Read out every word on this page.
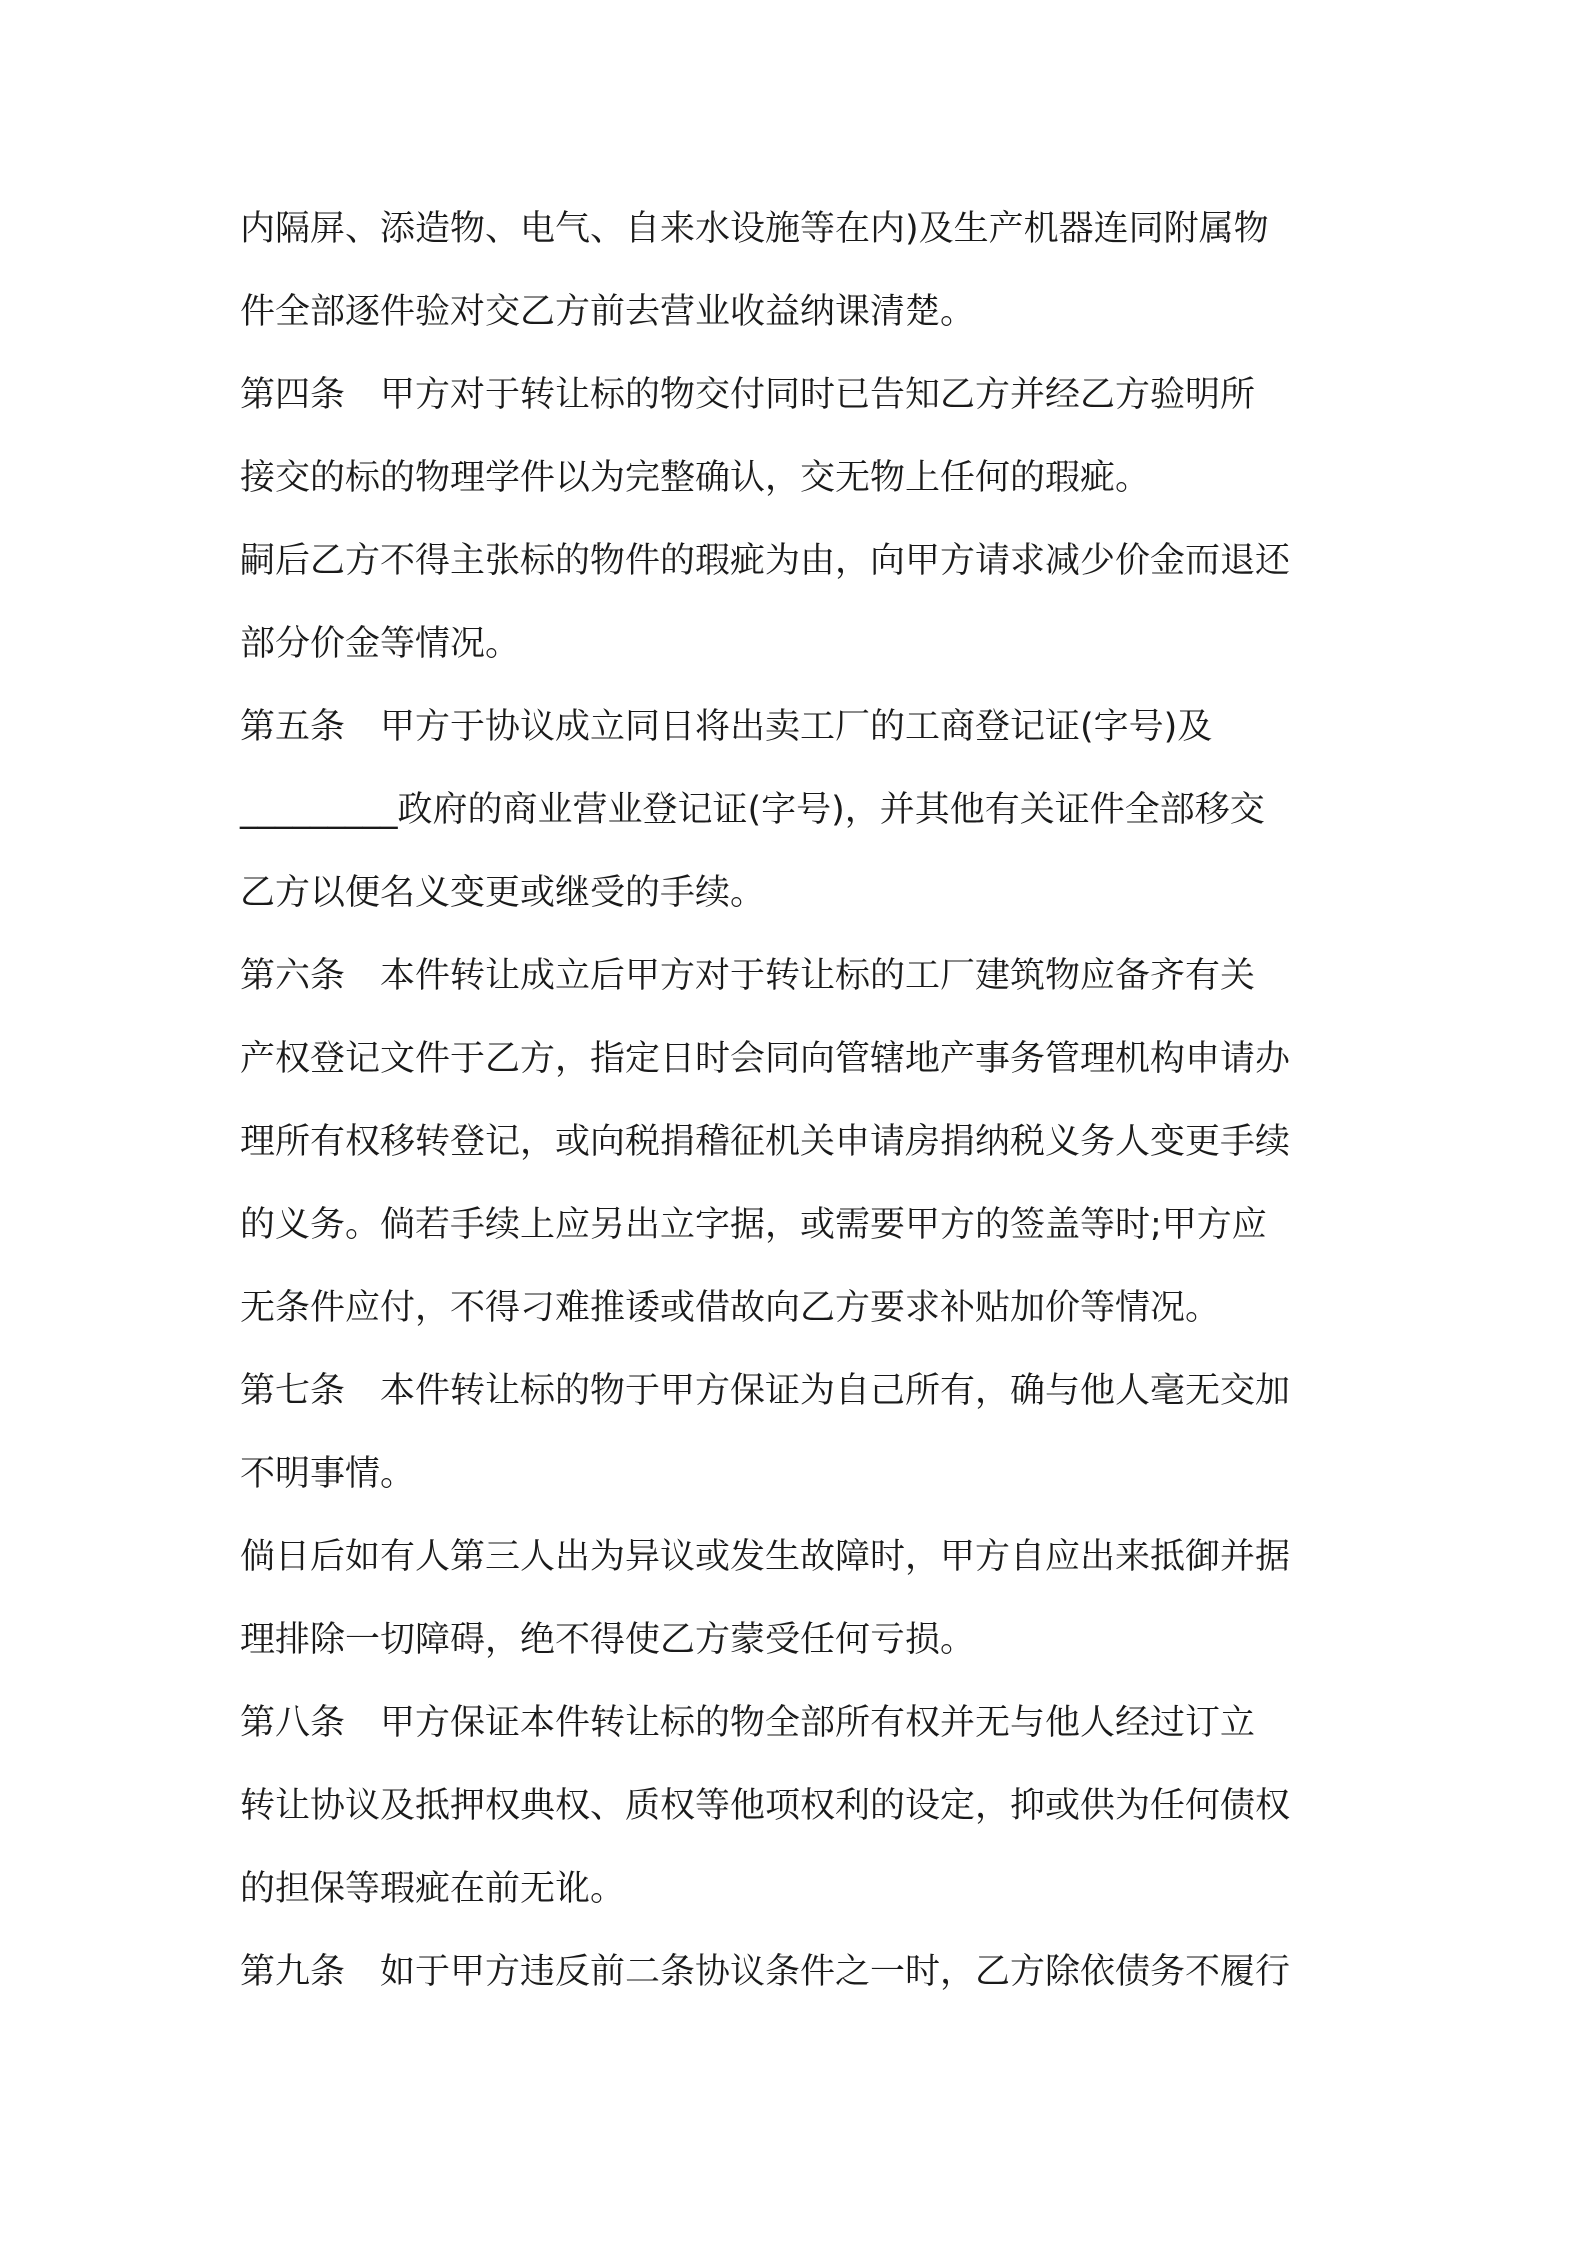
内隔屏、添造物、电气、自来水设施等在内)及生产机器连同附属物
件全部逐件验对交乙方前去营业收益纳课清楚。
第四条　甲方对于转让标的物交付同时已告知乙方并经乙方验明所
接交的标的物理学件以为完整确认，交无物上任何的瑕疵。
嗣后乙方不得主张标的物件的瑕疵为由，向甲方请求减少价金而退还
部分价金等情况。
第五条　甲方于协议成立同日将出卖工厂的工商登记证(字号)及
_________政府的商业营业登记证(字号)，并其他有关证件全部移交
乙方以便名义变更或继受的手续。
第六条　本件转让成立后甲方对于转让标的工厂建筑物应备齐有关
产权登记文件于乙方，指定日时会同向管辖地产事务管理机构申请办
理所有权移转登记，或向税捐稽征机关申请房捐纳税义务人变更手续
的义务。倘若手续上应另出立字据，或需要甲方的签盖等时;甲方应
无条件应付，不得刁难推诿或借故向乙方要求补贴加价等情况。
第七条　本件转让标的物于甲方保证为自己所有，确与他人毫无交加
不明事情。
倘日后如有人第三人出为异议或发生故障时，甲方自应出来抵御并据
理排除一切障碍，绝不得使乙方蒙受任何亏损。
第八条　甲方保证本件转让标的物全部所有权并无与他人经过订立
转让协议及抵押权典权、质权等他项权利的设定，抑或供为任何债权
的担保等瑕疵在前无讹。
第九条　如于甲方违反前二条协议条件之一时，乙方除依债务不履行
